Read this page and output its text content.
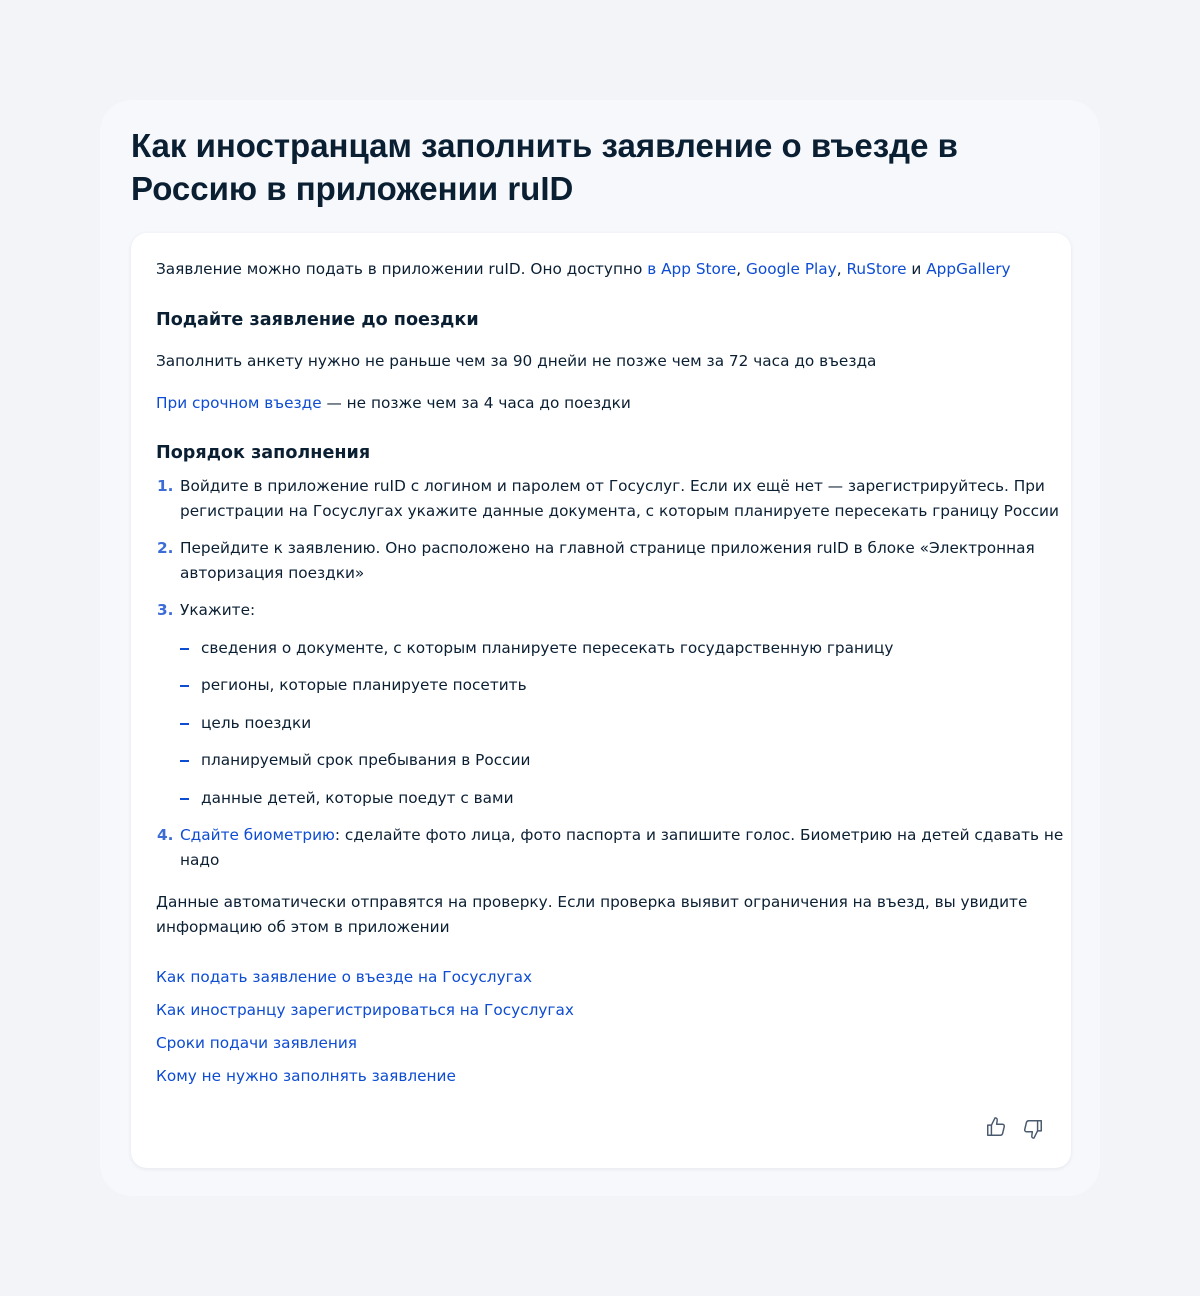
Как иностранцам заполнить заявление о въезде в Россию в приложении ruID
Заявление можно подать в приложении ruID. Оно доступно в App Store, Google Play, RuStore и AppGallery
Подайте заявление до поездки
Заполнить анкету нужно не раньше чем за 90 днейи не позже чем за 72 часа до въезда
При срочном въезде — не позже чем за 4 часа до поездки
Порядок заполнения
1. Войдите в приложение ruID с логином и паролем от Госуслуг. Если их ещё нет — зарегистрируйтесь. При
регистрации на Госуслугах укажите данные документа, с которым планируете пересекать границу России
2. Перейдите к заявлению. Оно расположено на главной странице приложения ruID в блоке «Электронная
авторизация поездки»
3. Укажите:
сведения о документе, с которым планируете пересекать государственную границу
регионы, которые планируете посетить
цель поездки
планируемый срок пребывания в России
данные детей, которые поедут с вами
4. Сдайте биометрию: сделайте фото лица, фото паспорта и запишите голос. Биометрию на детей сдавать не
надо
Данные автоматически отправятся на проверку. Если проверка выявит ограничения на въезд, вы увидите
информацию об этом в приложении
Как подать заявление о въезде на Госуслугах
Как иностранцу зарегистрироваться на Госуслугах
Сроки подачи заявления
Кому не нужно заполнять заявление
